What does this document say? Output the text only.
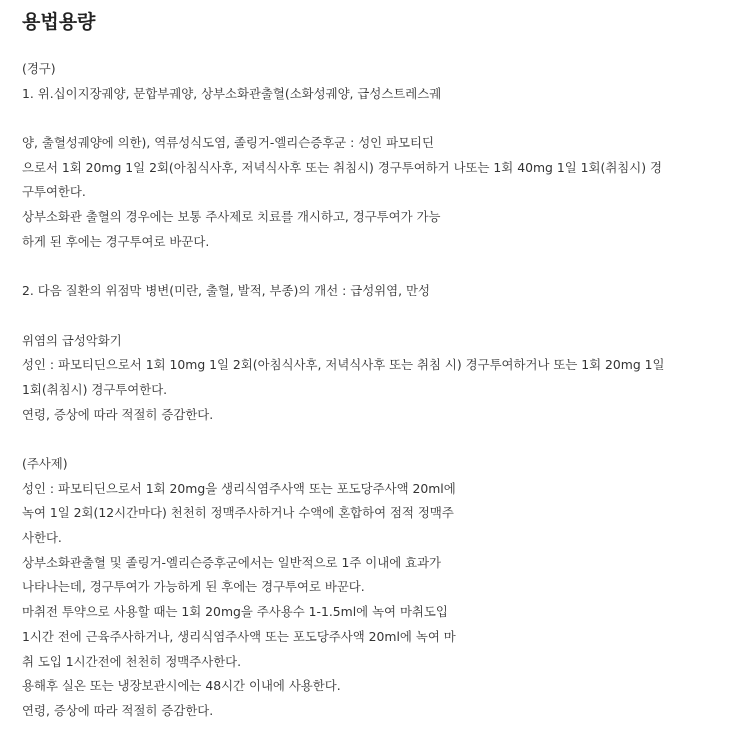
용법용량
(경구)
1. 위.십이지장궤양, 문합부궤양, 상부소화관출혈(소화성궤양, 급성스트레스궤
양, 출혈성궤양에 의한), 역류성식도염, 졸링거-엘리슨증후군 : 성인 파모티딘
으로서 1회 20mg 1일 2회(아침식사후, 저녁식사후 또는 취침시) 경구투여하거 나또는 1회 40mg 1일 1회(취침시) 경
구투여한다.
상부소화관 출혈의 경우에는 보통 주사제로 치료를 개시하고, 경구투여가 가능
하게 된 후에는 경구투여로 바꾼다.
2. 다음 질환의 위점막 병변(미란, 출혈, 발적, 부종)의 개선 : 급성위염, 만성
위염의 급성악화기
성인 : 파모티딘으로서 1회 10mg 1일 2회(아침식사후, 저녁식사후 또는 취침 시) 경구투여하거나 또는 1회 20mg 1일
1회(취침시) 경구투여한다.
연령, 증상에 따라 적절히 증감한다.
(주사제)
성인 : 파모티딘으로서 1회 20mg을 생리식염주사액 또는 포도당주사액 20ml에
녹여 1일 2회(12시간마다) 천천히 정맥주사하거나 수액에 혼합하여 점적 정맥주
사한다.
상부소화관출혈 및 졸링거-엘리슨증후군에서는 일반적으로 1주 이내에 효과가
나타나는데, 경구투여가 가능하게 된 후에는 경구투여로 바꾼다.
마취전 투약으로 사용할 때는 1회 20mg을 주사용수 1-1.5ml에 녹여 마취도입
1시간 전에 근육주사하거나, 생리식염주사액 또는 포도당주사액 20ml에 녹여 마
취 도입 1시간전에 천천히 정맥주사한다.
용해후 실온 또는 냉장보관시에는 48시간 이내에 사용한다.
연령, 증상에 따라 적절히 증감한다.
